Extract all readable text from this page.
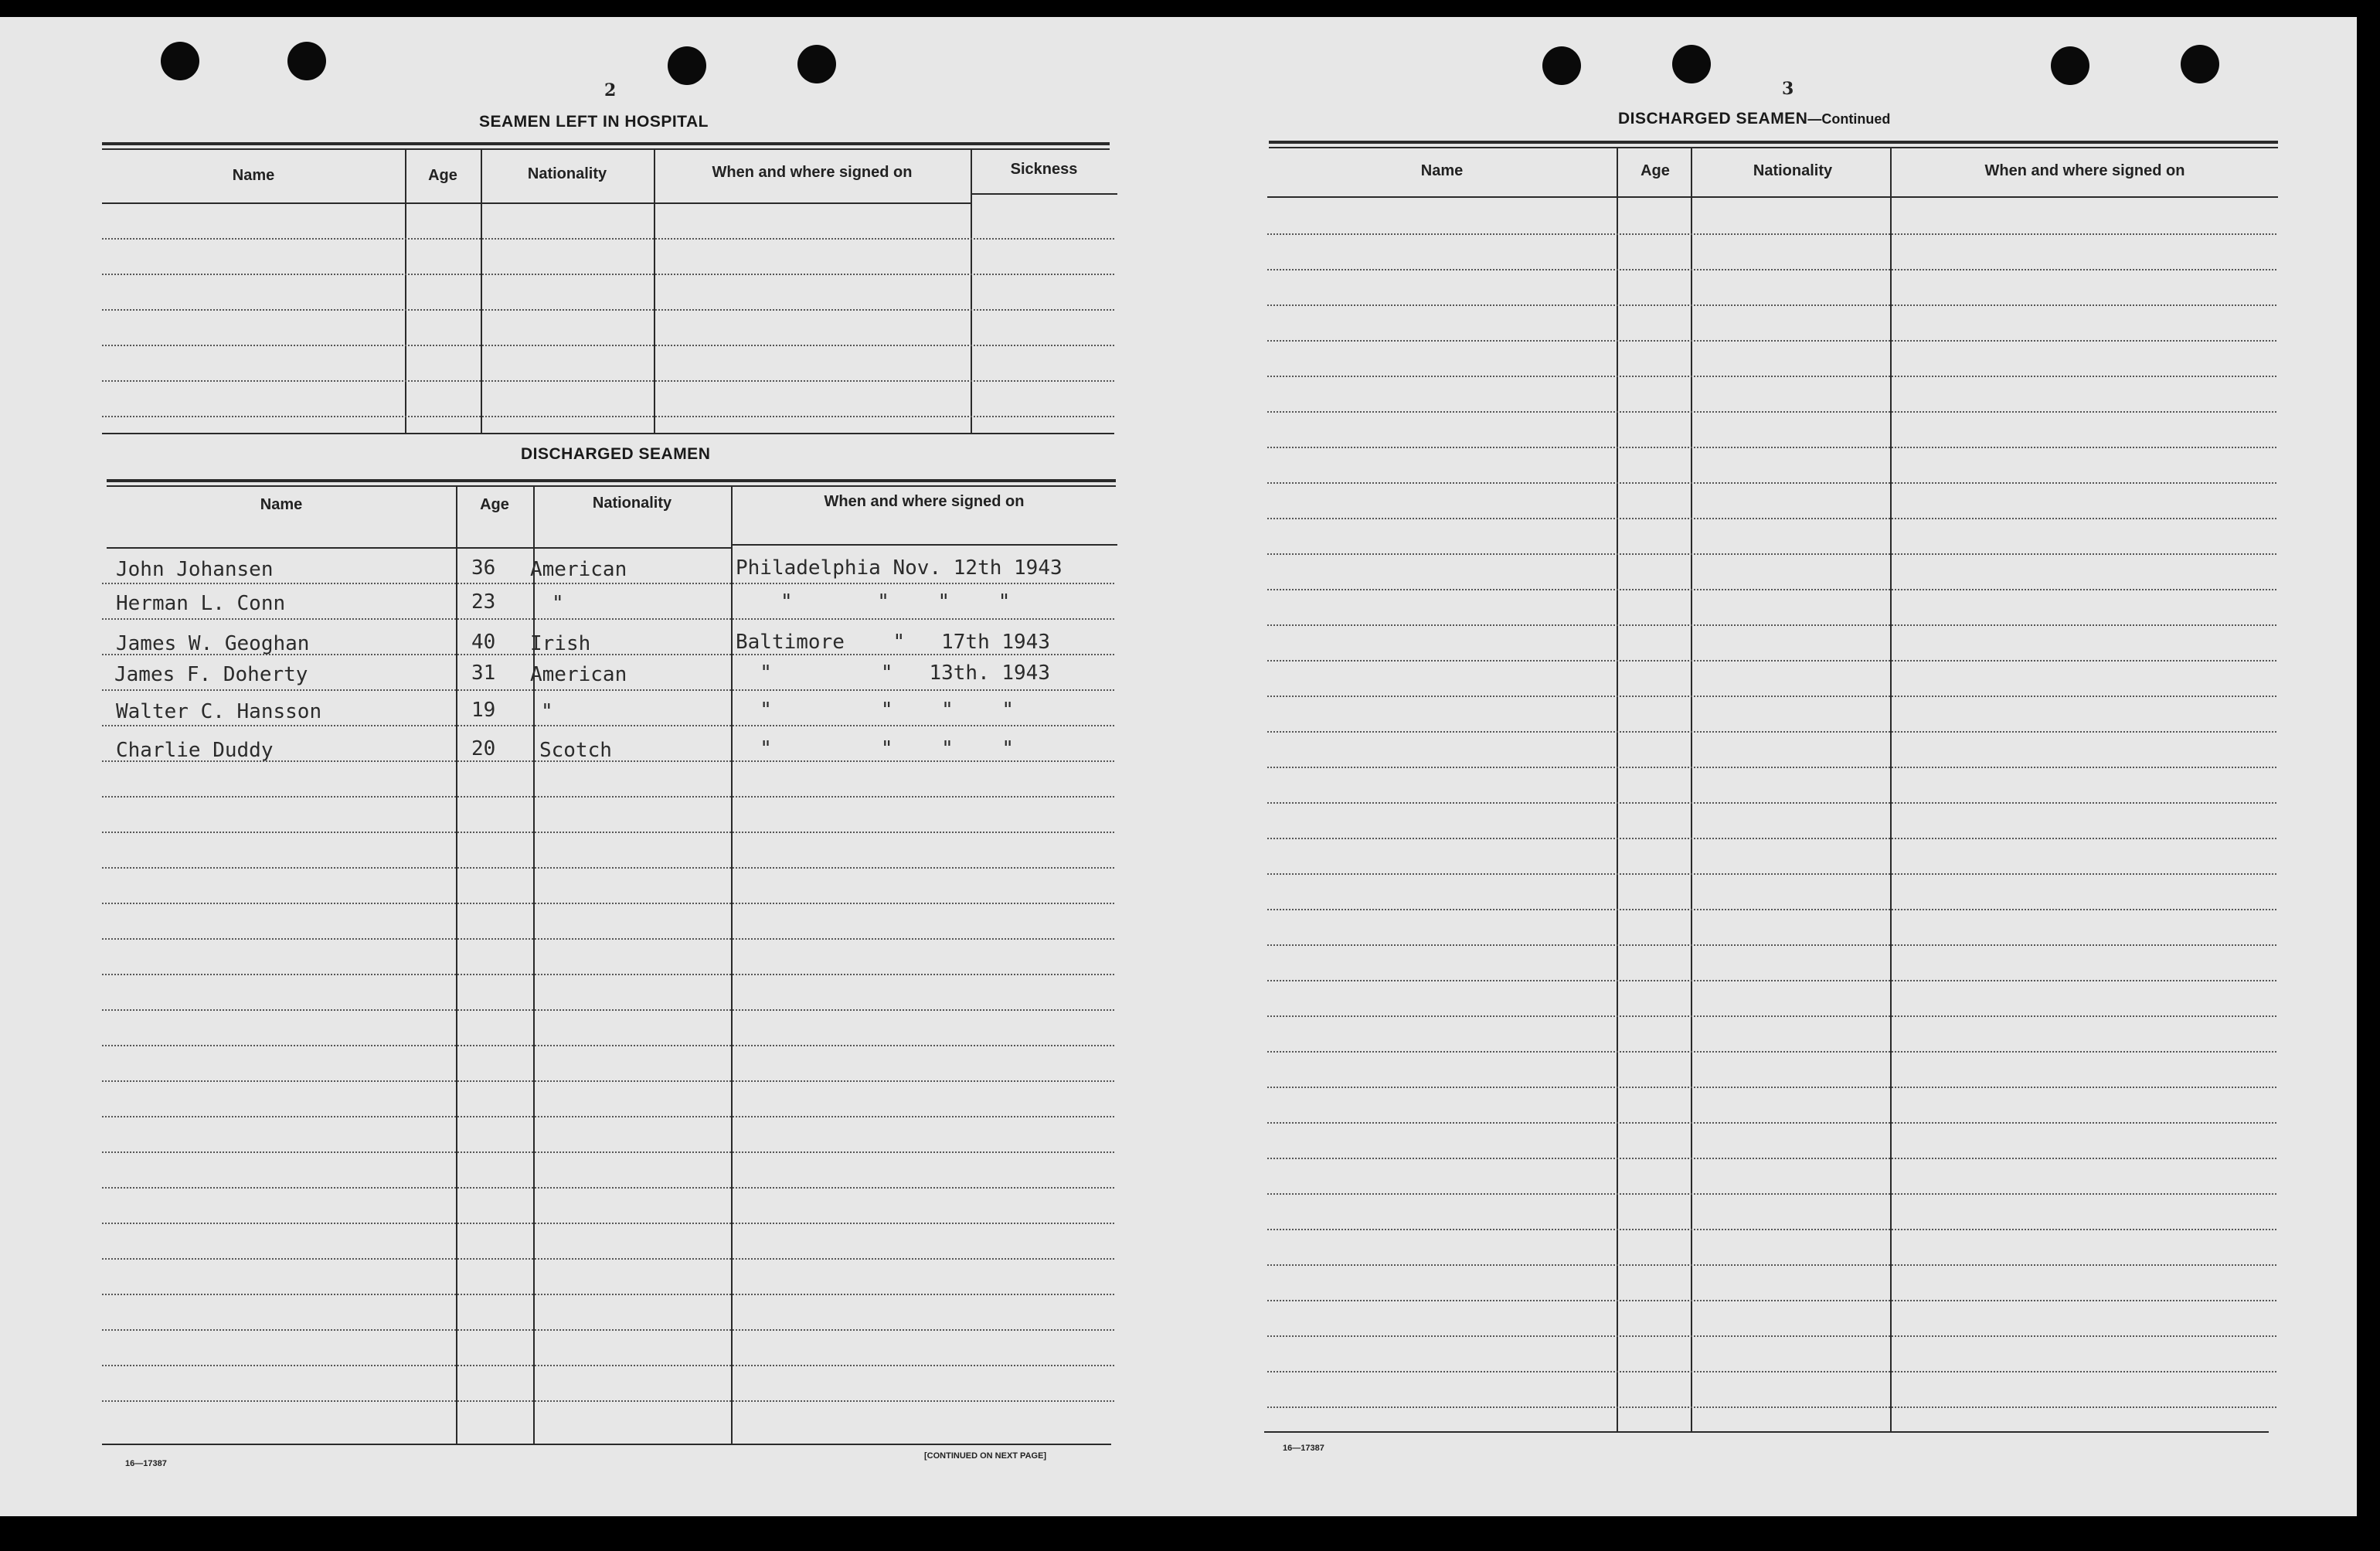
2
SEAMEN LEFT IN HOSPITAL
Name	Age	Nationality	When and where signed on	Sickness
DISCHARGED SEAMEN
Name	Age	Nationality	When and where signed on
John Johansen	36 American	Philadelphia Nov. 12th 1943
Herman L. Conn	23	"	"       "    "    "
James W. Geoghan	40 Irish	Baltimore    "   17th 1943
James F. Doherty	31 American	"         "   13th. 1943
Walter C. Hansson	19 "	"         "    "    "
Charlie Duddy	20 Scotch	"         "    "    "
16—17387
[CONTINUED ON NEXT PAGE]
3
DISCHARGED SEAMEN—Continued
Name	Age	Nationality	When and where signed on
16—17387
